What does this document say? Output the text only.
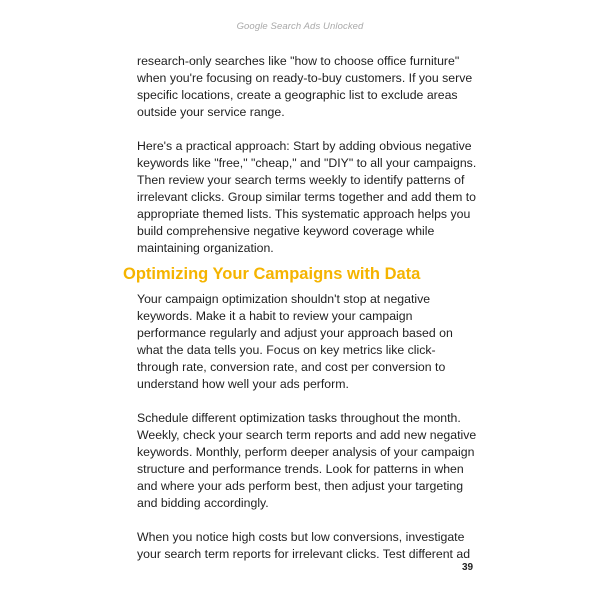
Google Search Ads Unlocked

research-only searches like "how to choose office furniture" when you're focusing on ready-to-buy customers. If you serve specific locations, create a geographic list to exclude areas outside your service range.

Here's a practical approach: Start by adding obvious negative keywords like "free," "cheap," and "DIY" to all your campaigns. Then review your search terms weekly to identify patterns of irrelevant clicks. Group similar terms together and add them to appropriate themed lists. This systematic approach helps you build comprehensive negative keyword coverage while maintaining organization.

Optimizing Your Campaigns with Data

Your campaign optimization shouldn't stop at negative keywords. Make it a habit to review your campaign performance regularly and adjust your approach based on what the data tells you. Focus on key metrics like click-through rate, conversion rate, and cost per conversion to understand how well your ads perform.

Schedule different optimization tasks throughout the month. Weekly, check your search term reports and add new negative keywords. Monthly, perform deeper analysis of your campaign structure and performance trends. Look for patterns in when and where your ads perform best, then adjust your targeting and bidding accordingly.

When you notice high costs but low conversions, investigate your search term reports for irrelevant clicks. Test different ad

39
